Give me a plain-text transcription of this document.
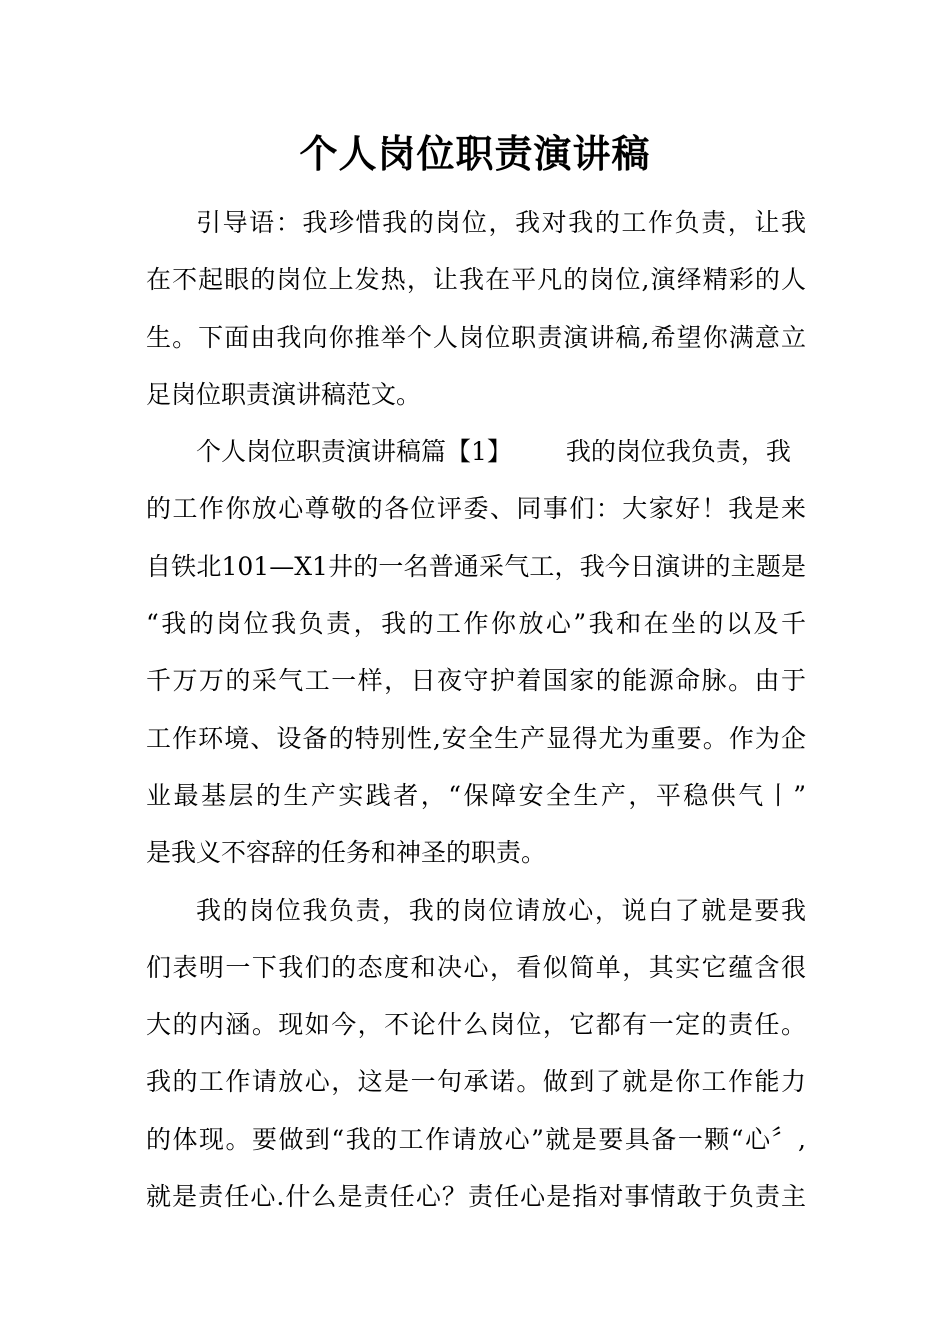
个人岗位职责演讲稿
引导语：我珍惜我的岗位，我对我的工作负责，让我
在不起眼的岗位上发热，让我在平凡的岗位,演绎精彩的人
生。下面由我向你推举个人岗位职责演讲稿,希望你满意立
足岗位职责演讲稿范文。
个人岗位职责演讲稿篇【1】 我的岗位我负责，我
的工作你放心尊敬的各位评委、同事们：大家好！我是来
自铁北101—X1井的一名普通采气工，我今日演讲的主题是
“我的岗位我负责，我的工作你放心”我和在坐的以及千
千万万的采气工一样，日夜守护着国家的能源命脉。由于
工作环境、设备的特别性,安全生产显得尤为重要。作为企
业最基层的生产实践者，“保障安全生产，平稳供气丨”
是我义不容辞的任务和神圣的职责。
我的岗位我负责，我的岗位请放心，说白了就是要我
们表明一下我们的态度和决心，看似简单，其实它蕴含很
大的内涵。现如今，不论什么岗位，它都有一定的责任。
我的工作请放心，这是一句承诺。做到了就是你工作能力
的体现。要做到“我的工作请放心”就是要具备一颗“心〞,
就是责任心.什么是责任心？责任心是指对事情敢于负责主
